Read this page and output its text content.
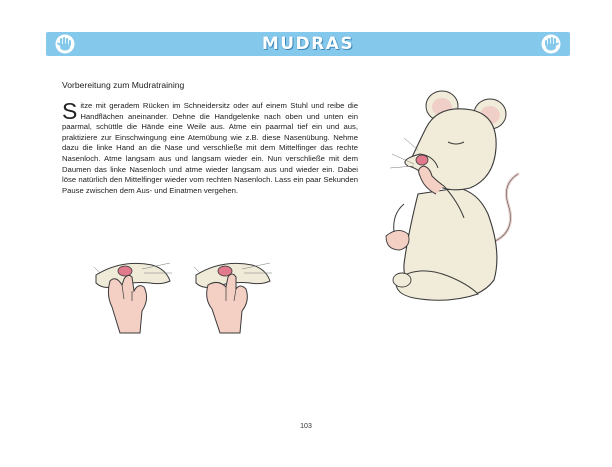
MUDRAS
Vorbereitung zum Mudratraining
Sitze mit geradem Rücken im Schneidersitz oder auf einem Stuhl und reibe die Handflächen aneinander. Dehne die Handgelenke nach oben und unten ein paarmal, schüttle die Hände eine Weile aus. Atme ein paarmal tief ein und aus, praktiziere zur Einschwingung eine Atemübung wie z.B. diese Nasenübung. Nehme dazu die linke Hand an die Nase und verschließe mit dem Mittelfinger das rechte Nasenloch. Atme langsam aus und langsam wieder ein. Nun verschließe mit dem Daumen das linke Nasenloch und atme wieder langsam aus und wieder ein. Dabei löse natürlich den Mittelfinger wieder vom rechten Nasenloch. Lass ein paar Sekunden Pause zwischen dem Aus- und Einatmen vergehen.
103
